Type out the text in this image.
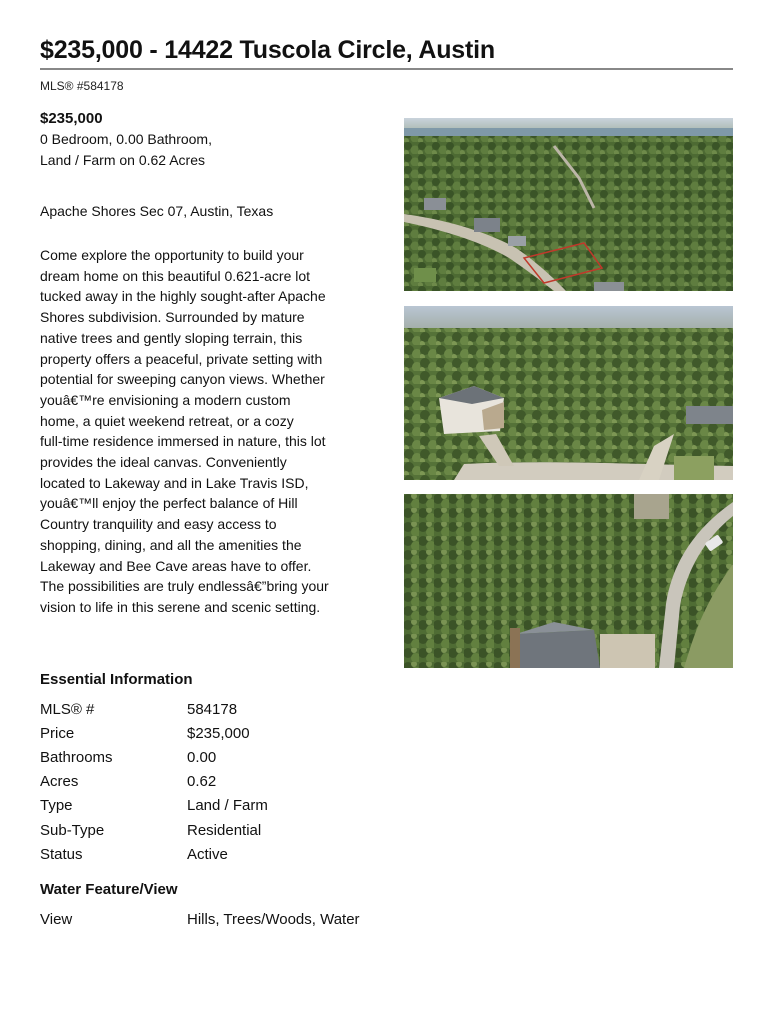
$235,000 - 14422 Tuscola Circle, Austin
MLS® #584178
$235,000
0 Bedroom, 0.00 Bathroom,
Land / Farm on 0.62 Acres
Apache Shores Sec 07, Austin, Texas
Come explore the opportunity to build your
dream home on this beautiful 0.621-acre lot
tucked away in the highly sought-after Apache
Shores subdivision. Surrounded by mature
native trees and gently sloping terrain, this
property offers a peaceful, private setting with
potential for sweeping canyon views. Whether
youâ€™re envisioning a modern custom
home, a quiet weekend retreat, or a cozy
full-time residence immersed in nature, this lot
provides the ideal canvas. Conveniently
located to Lakeway and in Lake Travis ISD,
youâ€™ll enjoy the perfect balance of Hill
Country tranquility and easy access to
shopping, dining, and all the amenities the
Lakeway and Bee Cave areas have to offer.
The possibilities are truly endlessâ€”bring your
vision to life in this serene and scenic setting.
Essential Information
MLS® #	584178
Price	$235,000
Bathrooms	0.00
Acres	0.62
Type	Land / Farm
Sub-Type	Residential
Status	Active
Water Feature/View
View	Hills, Trees/Woods, Water
